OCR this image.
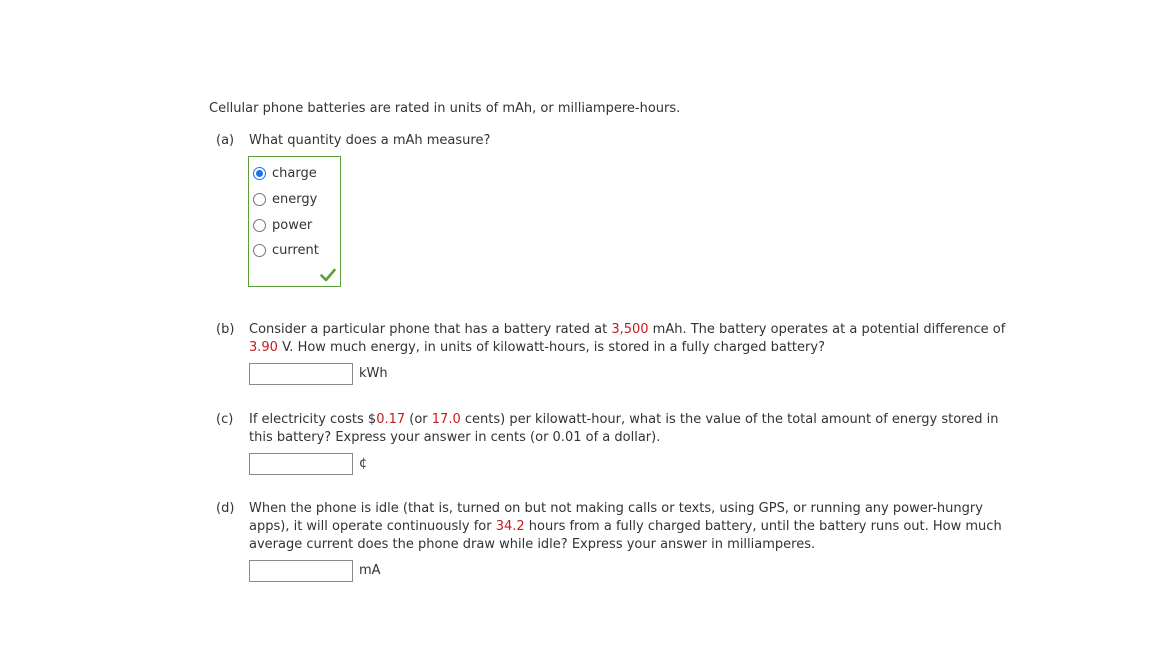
Cellular phone batteries are rated in units of mAh, or milliampere-hours.
(a) What quantity does a mAh measure?
charge
energy
power
current
(b) Consider a particular phone that has a battery rated at 3,500 mAh. The battery operates at a potential difference of
3.90 V. How much energy, in units of kilowatt-hours, is stored in a fully charged battery?
kWh
(c) If electricity costs $0.17 (or 17.0 cents) per kilowatt-hour, what is the value of the total amount of energy stored in
this battery? Express your answer in cents (or 0.01 of a dollar).
¢
(d) When the phone is idle (that is, turned on but not making calls or texts, using GPS, or running any power-hungry
apps), it will operate continuously for 34.2 hours from a fully charged battery, until the battery runs out. How much
average current does the phone draw while idle? Express your answer in milliamperes.
mA
